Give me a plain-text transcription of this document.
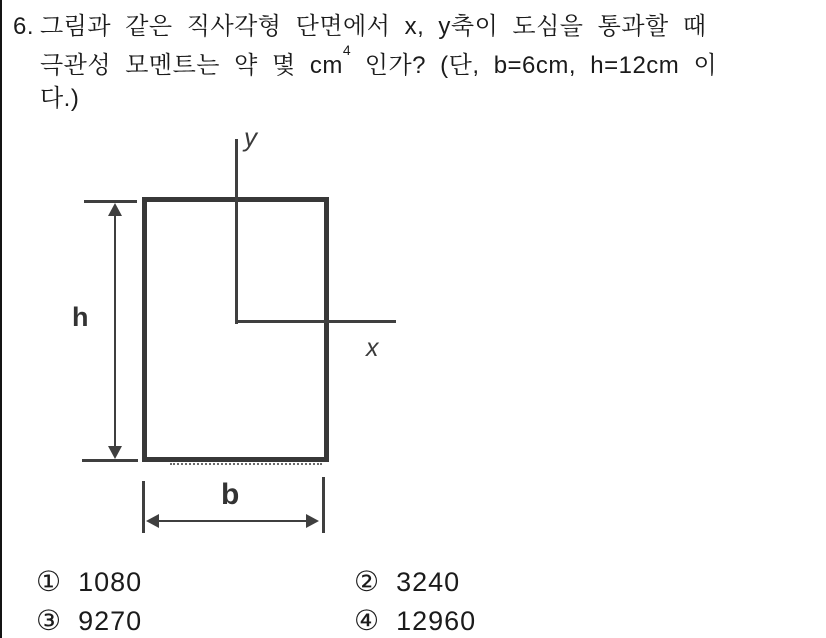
6. 그림과 같은 직사각형 단면에서 x, y축이 도심을 통과할 때
극관성 모멘트는 약 몇 $cm^4$ 인가? (단, b=6cm, h=12cm 이
다.)
y
x
h
b
① 1080	② 3240
③ 9270	④ 12960
